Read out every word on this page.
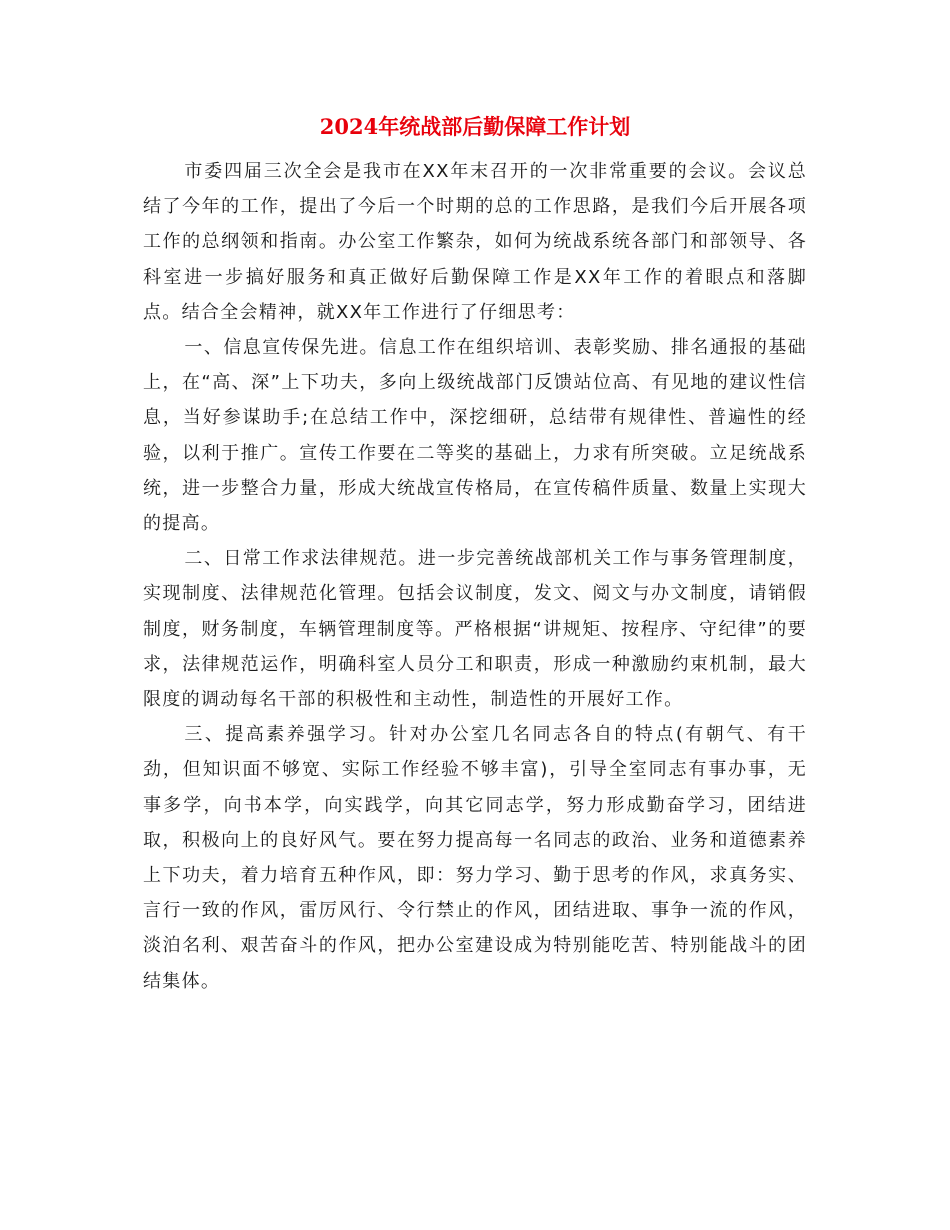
2024年统战部后勤保障工作计划

市委四届三次全会是我市在XX年末召开的一次非常重要的会议。会议总结了今年的工作，提出了今后一个时期的总的工作思路，是我们今后开展各项工作的总纲领和指南。办公室工作繁杂，如何为统战系统各部门和部领导、各科室进一步搞好服务和真正做好后勤保障工作是XX年工作的着眼点和落脚点。结合全会精神，就XX年工作进行了仔细思考：

一、信息宣传保先进。信息工作在组织培训、表彰奖励、排名通报的基础上，在“高、深”上下功夫，多向上级统战部门反馈站位高、有见地的建议性信息，当好参谋助手;在总结工作中，深挖细研，总结带有规律性、普遍性的经验，以利于推广。宣传工作要在二等奖的基础上，力求有所突破。立足统战系统，进一步整合力量，形成大统战宣传格局，在宣传稿件质量、数量上实现大的提高。

二、日常工作求法律规范。进一步完善统战部机关工作与事务管理制度，实现制度、法律规范化管理。包括会议制度，发文、阅文与办文制度，请销假制度，财务制度，车辆管理制度等。严格根据“讲规矩、按程序、守纪律”的要求，法律规范运作，明确科室人员分工和职责，形成一种激励约束机制，最大限度的调动每名干部的积极性和主动性，制造性的开展好工作。

三、提高素养强学习。针对办公室几名同志各自的特点(有朝气、有干劲，但知识面不够宽、实际工作经验不够丰富)，引导全室同志有事办事，无事多学，向书本学，向实践学，向其它同志学，努力形成勤奋学习，团结进取，积极向上的良好风气。要在努力提高每一名同志的政治、业务和道德素养上下功夫，着力培育五种作风，即：努力学习、勤于思考的作风，求真务实、言行一致的作风，雷厉风行、令行禁止的作风，团结进取、事争一流的作风，淡泊名利、艰苦奋斗的作风，把办公室建设成为特别能吃苦、特别能战斗的团结集体。
